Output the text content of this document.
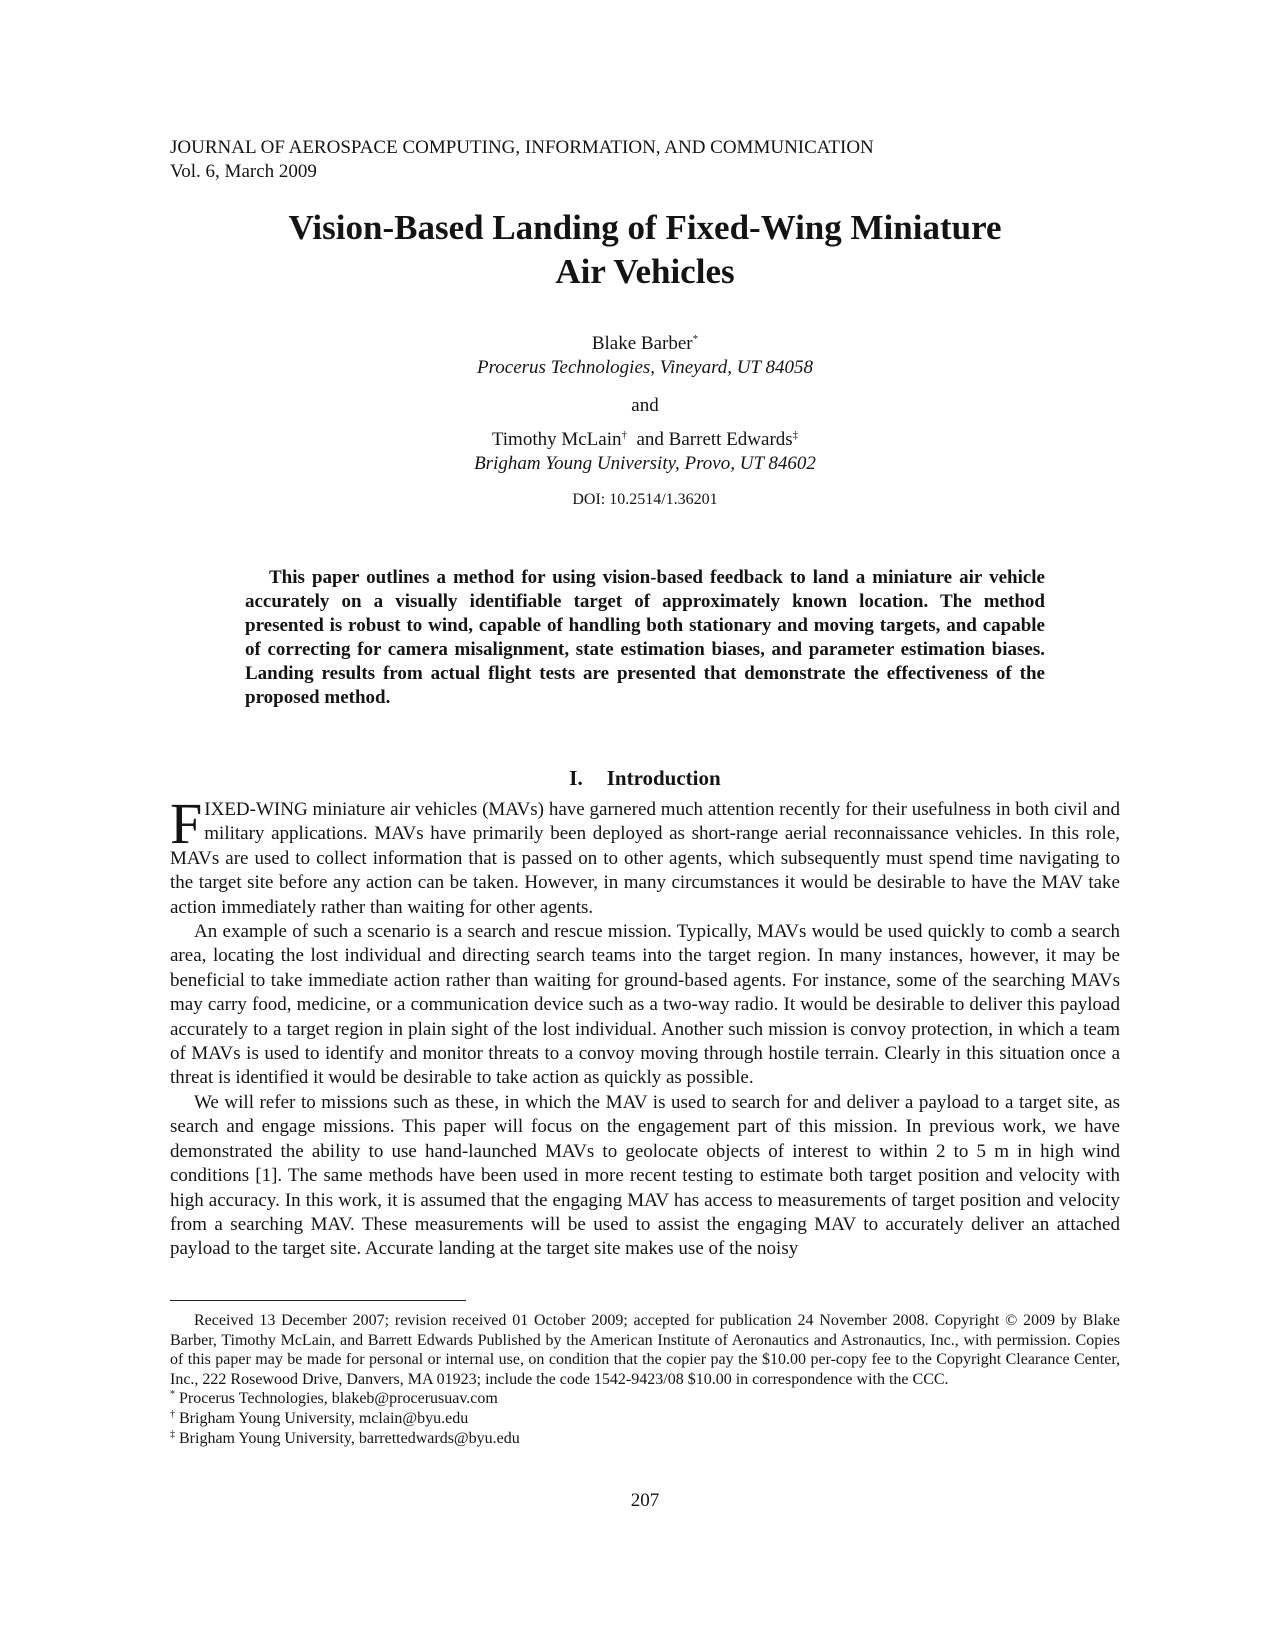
JOURNAL OF AEROSPACE COMPUTING, INFORMATION, AND COMMUNICATION
Vol. 6, March 2009
Vision-Based Landing of Fixed-Wing Miniature
Air Vehicles
Blake Barber*
Procerus Technologies, Vineyard, UT 84058
and
Timothy McLain† and Barrett Edwards‡
Brigham Young University, Provo, UT 84602
DOI: 10.2514/1.36201

This paper outlines a method for using vision-based feedback to land a miniature air vehicle accurately on a visually identifiable target of approximately known location. The method presented is robust to wind, capable of handling both stationary and moving targets, and capable of correcting for camera misalignment, state estimation biases, and parameter estimation biases. Landing results from actual flight tests are presented that demonstrate the effectiveness of the proposed method.

I. Introduction

FIXED-WING miniature air vehicles (MAVs) have garnered much attention recently for their usefulness in both civil and military applications. MAVs have primarily been deployed as short-range aerial reconnaissance vehicles. In this role, MAVs are used to collect information that is passed on to other agents, which subsequently must spend time navigating to the target site before any action can be taken. However, in many circumstances it would be desirable to have the MAV take action immediately rather than waiting for other agents.

An example of such a scenario is a search and rescue mission. Typically, MAVs would be used quickly to comb a search area, locating the lost individual and directing search teams into the target region. In many instances, however, it may be beneficial to take immediate action rather than waiting for ground-based agents. For instance, some of the searching MAVs may carry food, medicine, or a communication device such as a two-way radio. It would be desirable to deliver this payload accurately to a target region in plain sight of the lost individual. Another such mission is convoy protection, in which a team of MAVs is used to identify and monitor threats to a convoy moving through hostile terrain. Clearly in this situation once a threat is identified it would be desirable to take action as quickly as possible.

We will refer to missions such as these, in which the MAV is used to search for and deliver a payload to a target site, as search and engage missions. This paper will focus on the engagement part of this mission. In previous work, we have demonstrated the ability to use hand-launched MAVs to geolocate objects of interest to within 2 to 5 m in high wind conditions [1]. The same methods have been used in more recent testing to estimate both target position and velocity with high accuracy. In this work, it is assumed that the engaging MAV has access to measurements of target position and velocity from a searching MAV. These measurements will be used to assist the engaging MAV to accurately deliver an attached payload to the target site. Accurate landing at the target site makes use of the noisy

Received 13 December 2007; revision received 01 October 2009; accepted for publication 24 November 2008. Copyright © 2009 by Blake Barber, Timothy McLain, and Barrett Edwards Published by the American Institute of Aeronautics and Astronautics, Inc., with permission. Copies of this paper may be made for personal or internal use, on condition that the copier pay the $10.00 per-copy fee to the Copyright Clearance Center, Inc., 222 Rosewood Drive, Danvers, MA 01923; include the code 1542-9423/08 $10.00 in correspondence with the CCC.

* Procerus Technologies, blakeb@procerusuav.com

† Brigham Young University, mclain@byu.edu

‡ Brigham Young University, barrettedwards@byu.edu

207
